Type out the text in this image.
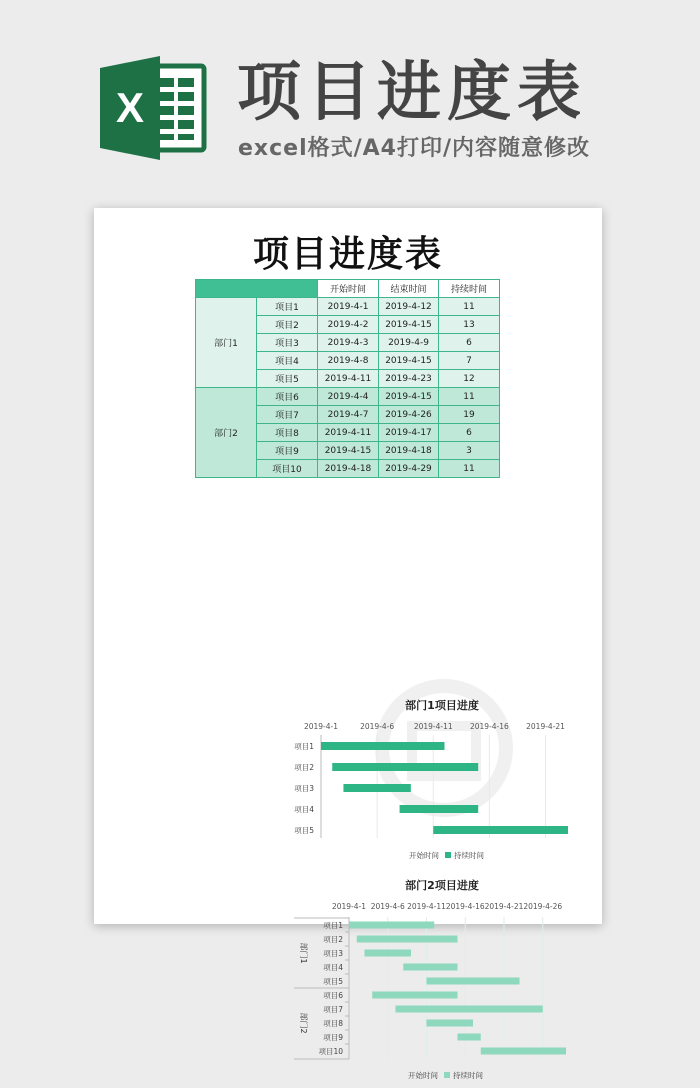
X 项目进度表
excel格式/A4打印/内容随意修改
项目进度表
		开始时间	结束时间	持续时间
部门1	项目1	2019-4-1	2019-4-12	11
	项目2	2019-4-2	2019-4-15	13
	项目3	2019-4-3	2019-4-9	6
	项目4	2019-4-8	2019-4-15	7
	项目5	2019-4-11	2019-4-23	12
部门2	项目6	2019-4-4	2019-4-15	11
	项目7	2019-4-7	2019-4-26	19
	项目8	2019-4-11	2019-4-17	6
	项目9	2019-4-15	2019-4-18	3
	项目10	2019-4-18	2019-4-29	11
部门1项目进度
2019-4-1	2019-4-6	2019-4-11 2019-4-16 2019-4-21
项目1
项目2
项目3
项目4
项目5
开始时间 持续时间
部门2项目进度
2019-4-1 2019-4-6 2019-4-11 2019-4-16 2019-4-21 2019-4-26
项目1
项目2
项目3
项目4
项目5
项目6
项目7
项目8
项目9
项目10
部门1
部门2
开始时间 持续时间
